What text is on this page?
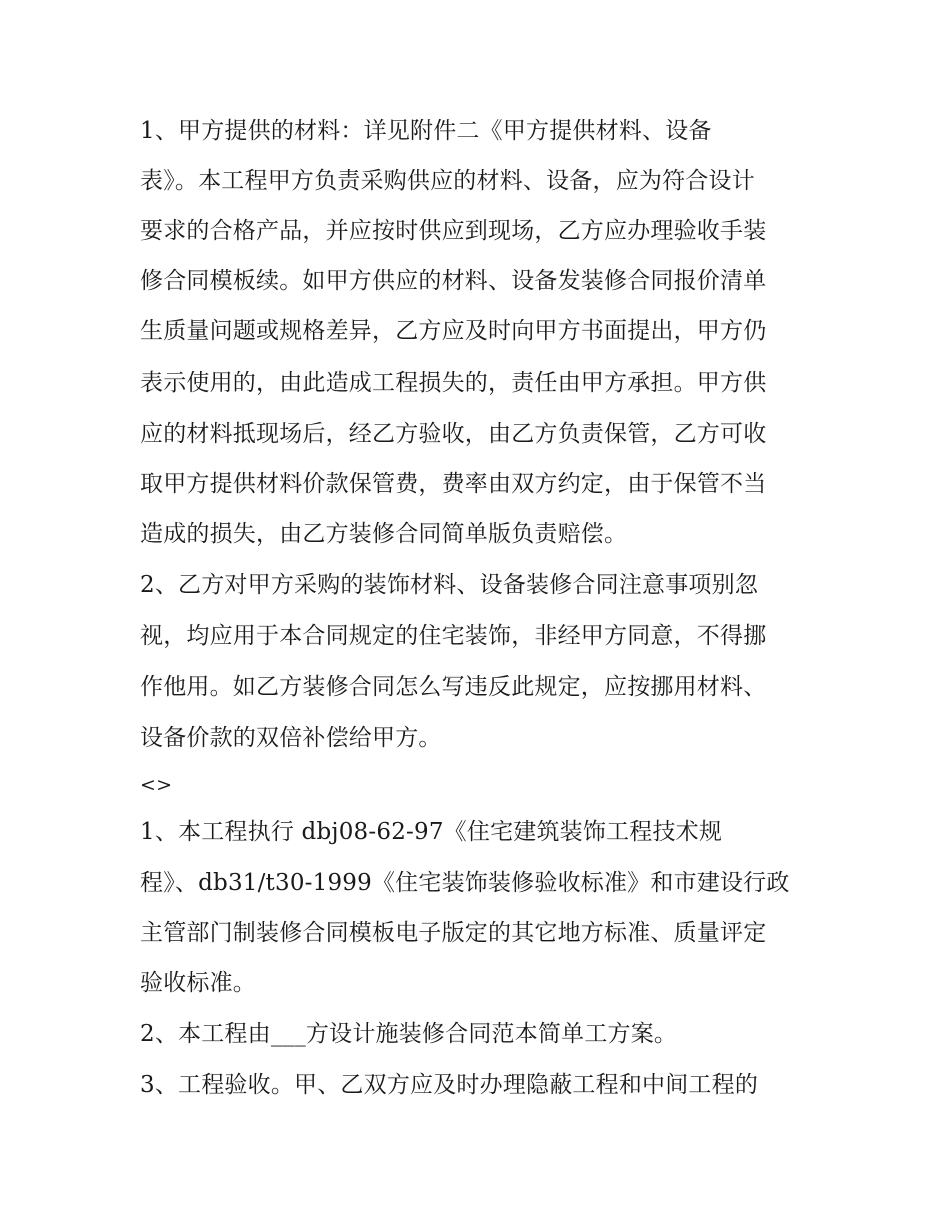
1、甲方提供的材料：详见附件二《甲方提供材料、设备
表》。本工程甲方负责采购供应的材料、设备，应为符合设计
要求的合格产品，并应按时供应到现场，乙方应办理验收手装
修合同模板续。如甲方供应的材料、设备发装修合同报价清单
生质量问题或规格差异，乙方应及时向甲方书面提出，甲方仍
表示使用的，由此造成工程损失的，责任由甲方承担。甲方供
应的材料抵现场后，经乙方验收，由乙方负责保管，乙方可收
取甲方提供材料价款保管费，费率由双方约定，由于保管不当
造成的损失，由乙方装修合同简单版负责赔偿。
2、乙方对甲方采购的装饰材料、设备装修合同注意事项别忽
视，均应用于本合同规定的住宅装饰，非经甲方同意，不得挪
作他用。如乙方装修合同怎么写违反此规定，应按挪用材料、
设备价款的双倍补偿给甲方。
<>
1、本工程执行 dbj08-62-97《住宅建筑装饰工程技术规
程》、db31/t30-1999《住宅装饰装修验收标准》和市建设行政
主管部门制装修合同模板电子版定的其它地方标准、质量评定
验收标准。
2、本工程由___方设计施装修合同范本简单工方案。
3、工程验收。甲、乙双方应及时办理隐蔽工程和中间工程的
